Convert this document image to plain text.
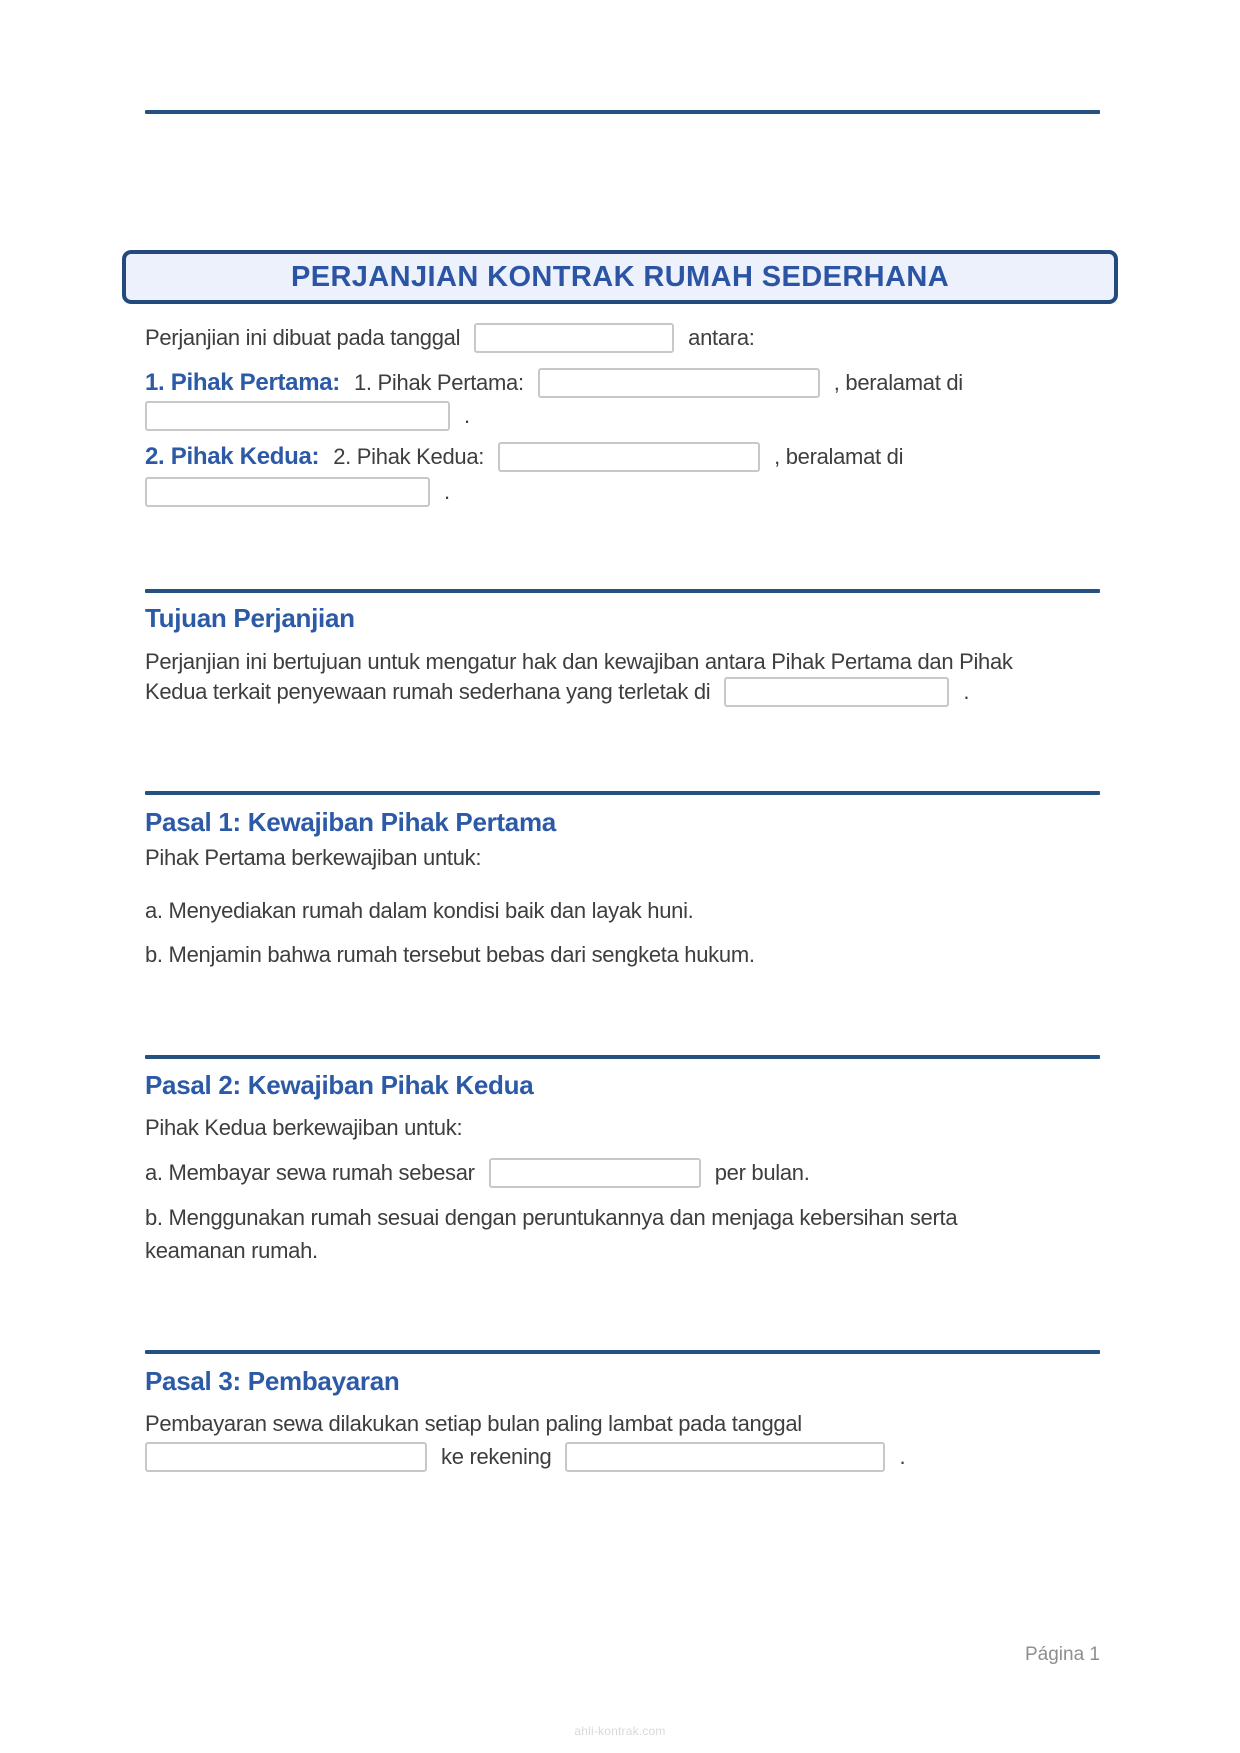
PERJANJIAN KONTRAK RUMAH SEDERHANA
Perjanjian ini dibuat pada tanggal	antara:
1. Pihak Pertama: 1. Pihak Pertama:	, beralamat di
.
2. Pihak Kedua: 2. Pihak Kedua:	, beralamat di
.
Tujuan Perjanjian
Perjanjian ini bertujuan untuk mengatur hak dan kewajiban antara Pihak Pertama dan Pihak
Kedua terkait penyewaan rumah sederhana yang terletak di	.
Pasal 1: Kewajiban Pihak Pertama
Pihak Pertama berkewajiban untuk:
a. Menyediakan rumah dalam kondisi baik dan layak huni.
b. Menjamin bahwa rumah tersebut bebas dari sengketa hukum.
Pasal 2: Kewajiban Pihak Kedua
Pihak Kedua berkewajiban untuk:
a. Membayar sewa rumah sebesar	per bulan.
b. Menggunakan rumah sesuai dengan peruntukannya dan menjaga kebersihan serta
keamanan rumah.
Pasal 3: Pembayaran
Pembayaran sewa dilakukan setiap bulan paling lambat pada tanggal
ke rekening	.
Página 1
ahli-kontrak.com
